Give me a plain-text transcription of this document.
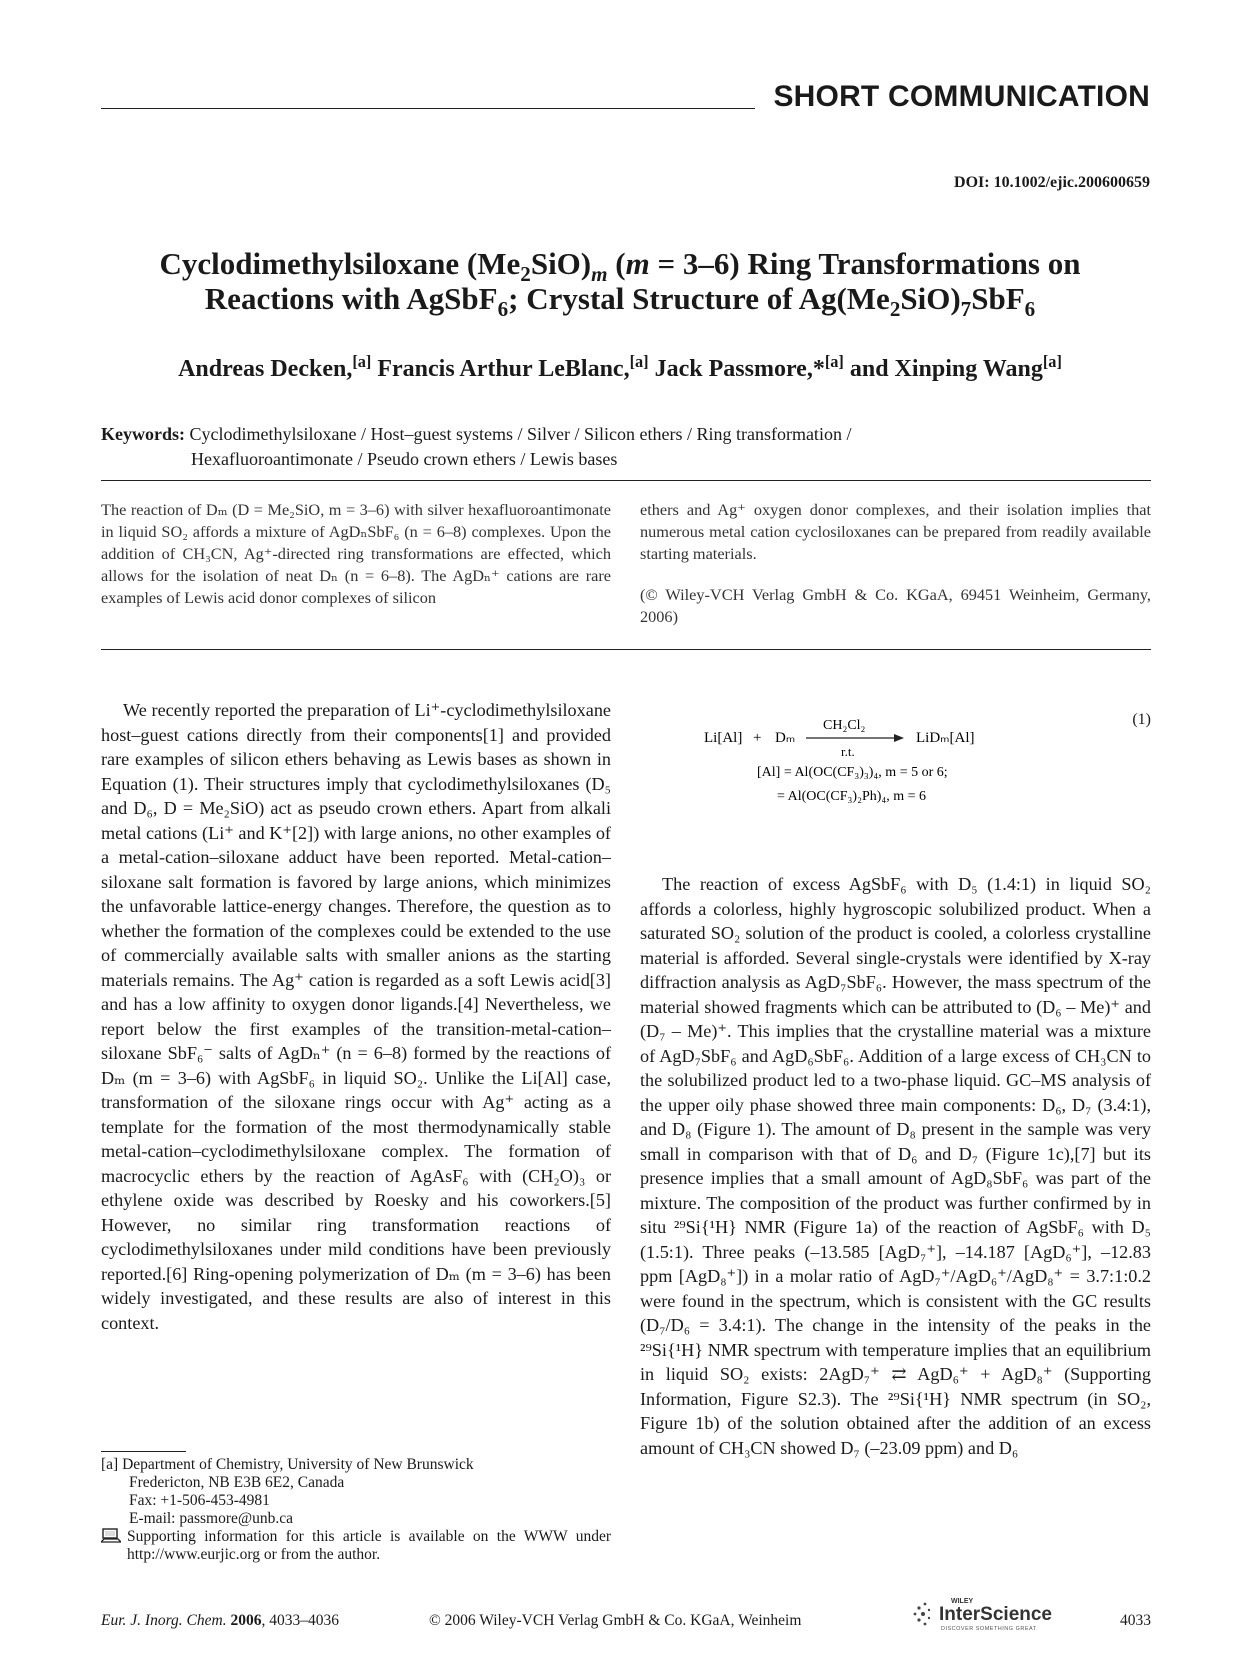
SHORT COMMUNICATION
DOI: 10.1002/ejic.200600659
Cyclodimethylsiloxane $(Me_2SiO)_m$ (m = 3–6) Ring Transformations on
Reactions with AgSbF$_6$; Crystal Structure of $Ag(Me_2SiO)_7SbF_6$
Andreas Decken,[a] Francis Arthur LeBlanc,[a] Jack Passmore,*[a] and Xinping Wang[a]
Keywords: Cyclodimethylsiloxane / Host–guest systems / Silver / Silicon ethers / Ring transformation /
Hexafluoroantimonate / Pseudo crown ethers / Lewis bases

The reaction of Dₘ (D = Me₂SiO, m = 3–6) with silver hexafluoroantimonate in liquid SO₂ affords a mixture of AgDₙSbF₆ (n = 6–8) complexes. Upon the addition of CH₃CN, Ag⁺-directed ring transformations are effected, which allows for the isolation of neat Dₙ (n = 6–8). The AgDₙ⁺ cations are rare examples of Lewis acid donor complexes of silicon

ethers and Ag⁺ oxygen donor complexes, and their isolation implies that numerous metal cation cyclosiloxanes can be prepared from readily available starting materials.

(© Wiley-VCH Verlag GmbH & Co. KGaA, 69451 Weinheim, Germany, 2006)

We recently reported the preparation of Li⁺-cyclodimethylsiloxane host–guest cations directly from their components[1] and provided rare examples of silicon ethers behaving as Lewis bases as shown in Equation (1). Their structures imply that cyclodimethylsiloxanes (D₅ and D₆, D = Me₂SiO) act as pseudo crown ethers. Apart from alkali metal cations (Li⁺ and K⁺[2]) with large anions, no other examples of a metal-cation–siloxane adduct have been reported. Metal-cation–siloxane salt formation is favored by large anions, which minimizes the unfavorable lattice-energy changes. Therefore, the question as to whether the formation of the complexes could be extended to the use of commercially available salts with smaller anions as the starting materials remains. The Ag⁺ cation is regarded as a soft Lewis acid[3] and has a low affinity to oxygen donor ligands.[4] Nevertheless, we report below the first examples of the transition-metal-cation–siloxane SbF₆⁻ salts of AgDₙ⁺ (n = 6–8) formed by the reactions of Dₘ (m = 3–6) with AgSbF₆ in liquid SO₂. Unlike the Li[Al] case, transformation of the siloxane rings occur with Ag⁺ acting as a template for the formation of the most thermodynamically stable metal-cation–cyclodimethylsiloxane complex. The formation of macrocyclic ethers by the reaction of AgAsF₆ with (CH₂O)₃ or ethylene oxide was described by Roesky and his coworkers.[5] However, no similar ring transformation reactions of cyclodimethylsiloxanes under mild conditions have been previously reported.[6] Ring-opening polymerization of Dₘ (m = 3–6) has been widely investigated, and these results are also of interest in this context.

Li[Al] + Dₘ
CH₂Cl₂
r.t.
LiDₘ[Al]
[Al] = Al(OC(CF₃)₃)₄, m = 5 or 6;
= Al(OC(CF₃)₂Ph)₄, m = 6
(1)

The reaction of excess AgSbF₆ with D₅ (1.4:1) in liquid SO₂ affords a colorless, highly hygroscopic solubilized product. When a saturated SO₂ solution of the product is cooled, a colorless crystalline material is afforded. Several single-crystals were identified by X-ray diffraction analysis as AgD₇SbF₆. However, the mass spectrum of the material showed fragments which can be attributed to (D₆ – Me)⁺ and (D₇ – Me)⁺. This implies that the crystalline material was a mixture of AgD₇SbF₆ and AgD₆SbF₆. Addition of a large excess of CH₃CN to the solubilized product led to a two-phase liquid. GC–MS analysis of the upper oily phase showed three main components: D₆, D₇ (3.4:1), and D₈ (Figure 1). The amount of D₈ present in the sample was very small in comparison with that of D₆ and D₇ (Figure 1c),[7] but its presence implies that a small amount of AgD₈SbF₆ was part of the mixture. The composition of the product was further confirmed by in situ ²⁹Si{¹H} NMR (Figure 1a) of the reaction of AgSbF₆ with D₅ (1.5:1). Three peaks (–13.585 [AgD₇⁺], –14.187 [AgD₆⁺], –12.83 ppm [AgD₈⁺]) in a molar ratio of AgD₇⁺/AgD₆⁺/AgD₈⁺ = 3.7:1:0.2 were found in the spectrum, which is consistent with the GC results (D₇/D₆ = 3.4:1). The change in the intensity of the peaks in the ²⁹Si{¹H} NMR spectrum with temperature implies that an equilibrium in liquid SO₂ exists: 2AgD₇⁺ ⇄ AgD₆⁺ + AgD₈⁺ (Supporting Information, Figure S2.3). The ²⁹Si{¹H} NMR spectrum (in SO₂, Figure 1b) of the solution obtained after the addition of an excess amount of CH₃CN showed D₇ (–23.09 ppm) and D₆

[a] Department of Chemistry, University of New Brunswick
Fredericton, NB E3B 6E2, Canada
Fax: +1-506-453-4981
E-mail: passmore@unb.ca
Supporting information for this article is available on the WWW under http://www.eurjic.org or from the author.
Eur. J. Inorg. Chem. 2006, 4033–4036	© 2006 Wiley-VCH Verlag GmbH & Co. KGaA, Weinheim
WILEY
InterScience
DISCOVER SOMETHING GREAT	4033
